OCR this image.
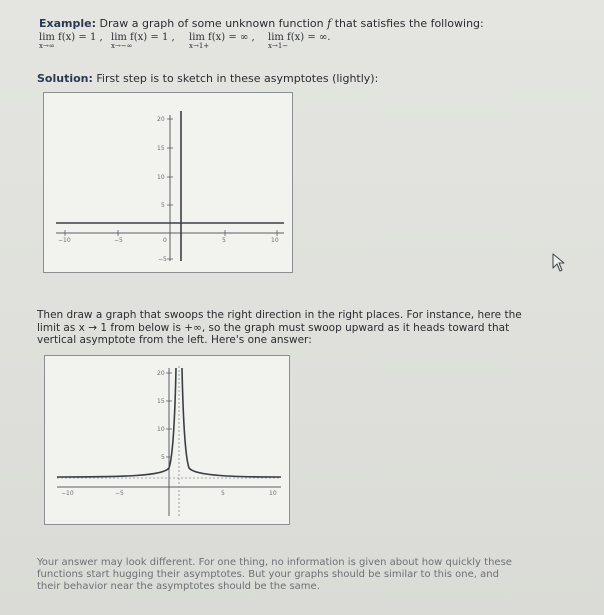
Example: Draw a graph of some unknown function f that satisfies the following:
lim f(x) = 1 ,
x→∞
lim f(x) = 1 ,
x→−∞
lim f(x) = ∞ ,
x→1+
lim f(x) = ∞.
x→1−
Solution: First step is to sketch in these asymptotes (lightly):
20
15
10
5
−5
−10	−5	0	5	10
Then draw a graph that swoops the right direction in the right places. For instance, here the
limit as x → 1 from below is +∞, so the graph must swoop upward as it heads toward that
vertical asymptote from the left. Here's one answer:
20
15
10
5
−10	−5	5	10
Your answer may look different. For one thing, no information is given about how quickly these
functions start hugging their asymptotes. But your graphs should be similar to this one, and
their behavior near the asymptotes should be the same.
